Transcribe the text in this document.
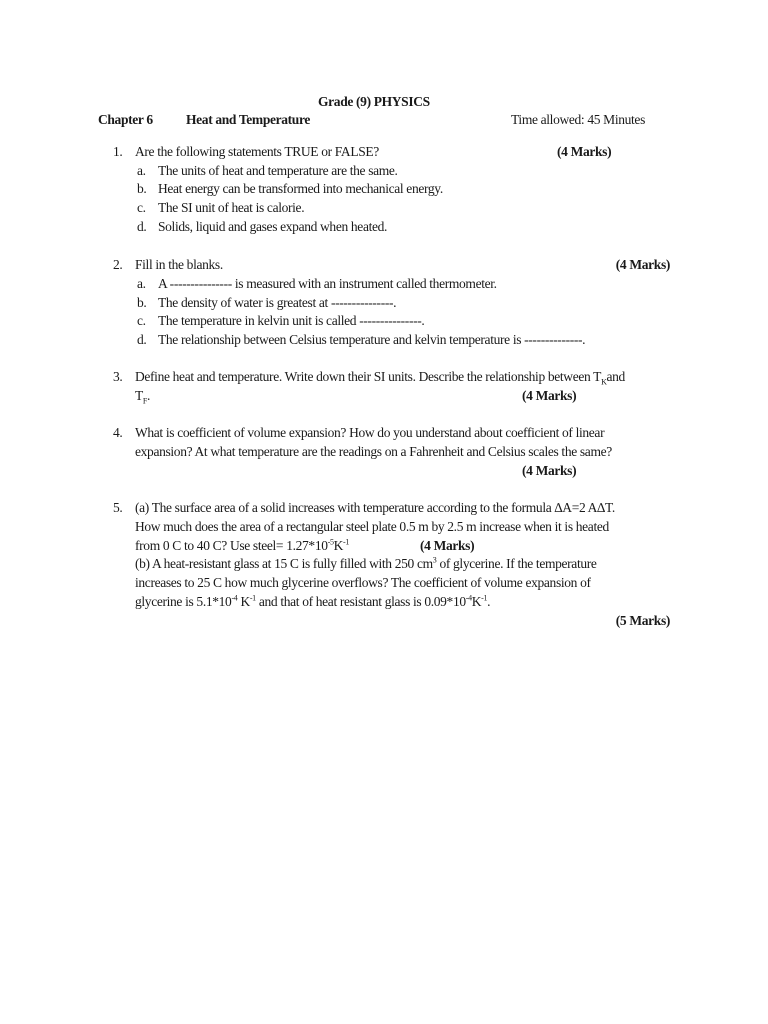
Grade (9) PHYSICS
Chapter 6 Heat and Temperature	Time allowed: 45 Minutes
1. Are the following statements TRUE or FALSE?	(4 Marks)
a. The units of heat and temperature are the same.
b. Heat energy can be transformed into mechanical energy.
c. The SI unit of heat is calorie.
d. Solids, liquid and gases expand when heated.
2. Fill in the blanks.	(4 Marks)
a. A --------------- is measured with an instrument called thermometer.
b. The density of water is greatest at ---------------.
c. The temperature in kelvin unit is called ---------------.
d. The relationship between Celsius temperature and kelvin temperature is --------------.
3. Define heat and temperature. Write down their SI units. Describe the relationship between $T_Kand$
$T_F$.	(4 Marks)
4. What is coefficient of volume expansion? How do you understand about coefficient of linear
expansion? At what temperature are the readings on a Fahrenheit and Celsius scales the same?
(4 Marks)
5. (a) The surface area of a solid increases with temperature according to the formula ∆A=2 A∆T.
How much does the area of a rectangular steel plate 0.5 m by 2.5 m increase when it is heated
from 0 C to 40 C? Use steel= $1.27*10^{-5}K^{-1}$	(4 Marks)
(b) A heat-resistant glass at 15 C is fully filled with 250 $cm^3$ of glycerine. If the temperature
increases to 25 C how much glycerine overflows? The coefficient of volume expansion of
glycerine is $5.1*10^{-4}$ $K^{-1}$ and that of heat resistant glass is $0.09*10^{-4}K^{-1}$.
(5 Marks)
